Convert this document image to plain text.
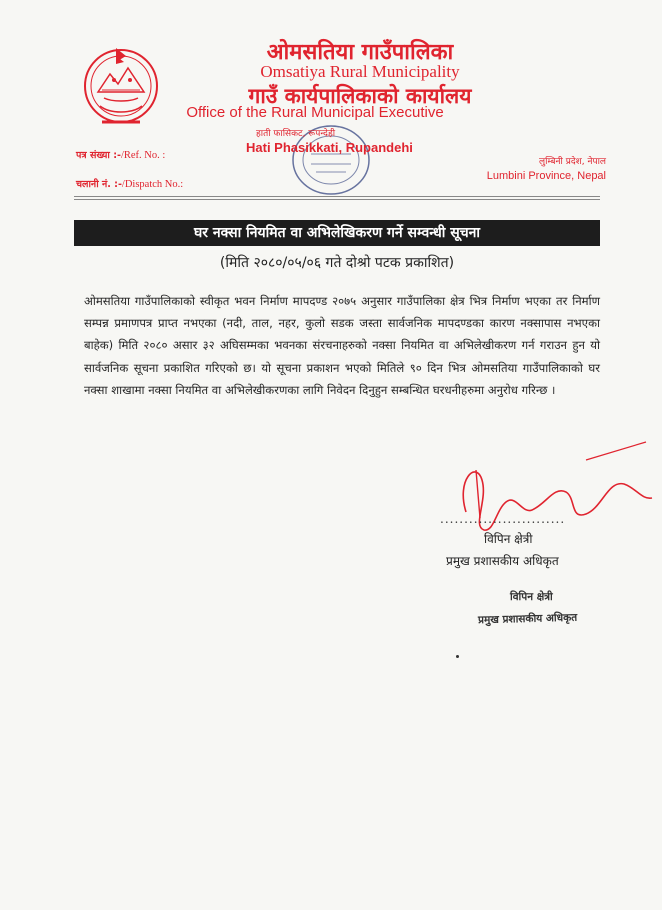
ओमसतिया गाउँपालिका
Omsatiya Rural Municipality
गाउँ कार्यपालिकाको कार्यालय
Office of the Rural Municipal Executive
हाती फासिकट, रूपन्देही
Hati Phasikkati, Rupandehi
पत्र संख्या :-/Ref. No. :
चलानी नं. :-/Dispatch No.:
लुम्बिनी प्रदेश, नेपाल
Lumbini Province, Nepal
घर नक्सा नियमित वा अभिलेखिकरण गर्ने सम्वन्धी सूचना
(मिति २०८०/०५/०६ गते दोश्रो पटक प्रकाशित)
ओमसतिया गाउँपालिकाको स्वीकृत भवन निर्माण मापदण्ड २०७५ अनुसार गाउँपालिका क्षेत्र भित्र निर्माण भएका तर निर्माण सम्पन्न प्रमाणपत्र प्राप्त नभएका (नदी, ताल, नहर, कुलो सडक जस्ता सार्वजनिक मापदण्डका कारण नक्सापास नभएका बाहेक) मिति २०८० असार ३२ अघिसम्मका भवनका संरचनाहरुको नक्सा नियमित वा अभिलेखीकरण गर्न गराउन हुन यो सार्वजनिक सूचना प्रकाशित गरिएको छ। यो सूचना प्रकाशन भएको मितिले ९० दिन भित्र ओमसतिया गाउँपालिकाको घर नक्सा शाखामा नक्सा नियमित वा अभिलेखीकरणका लागि निवेदन दिनुहुन सम्बन्धित घरधनीहरुमा अनुरोध गरिन्छ ।
..........................
विपिन क्षेत्री
प्रमुख प्रशासकीय अधिकृत
विपिन क्षेत्री
प्रमुख प्रशासकीय अधिकृत
